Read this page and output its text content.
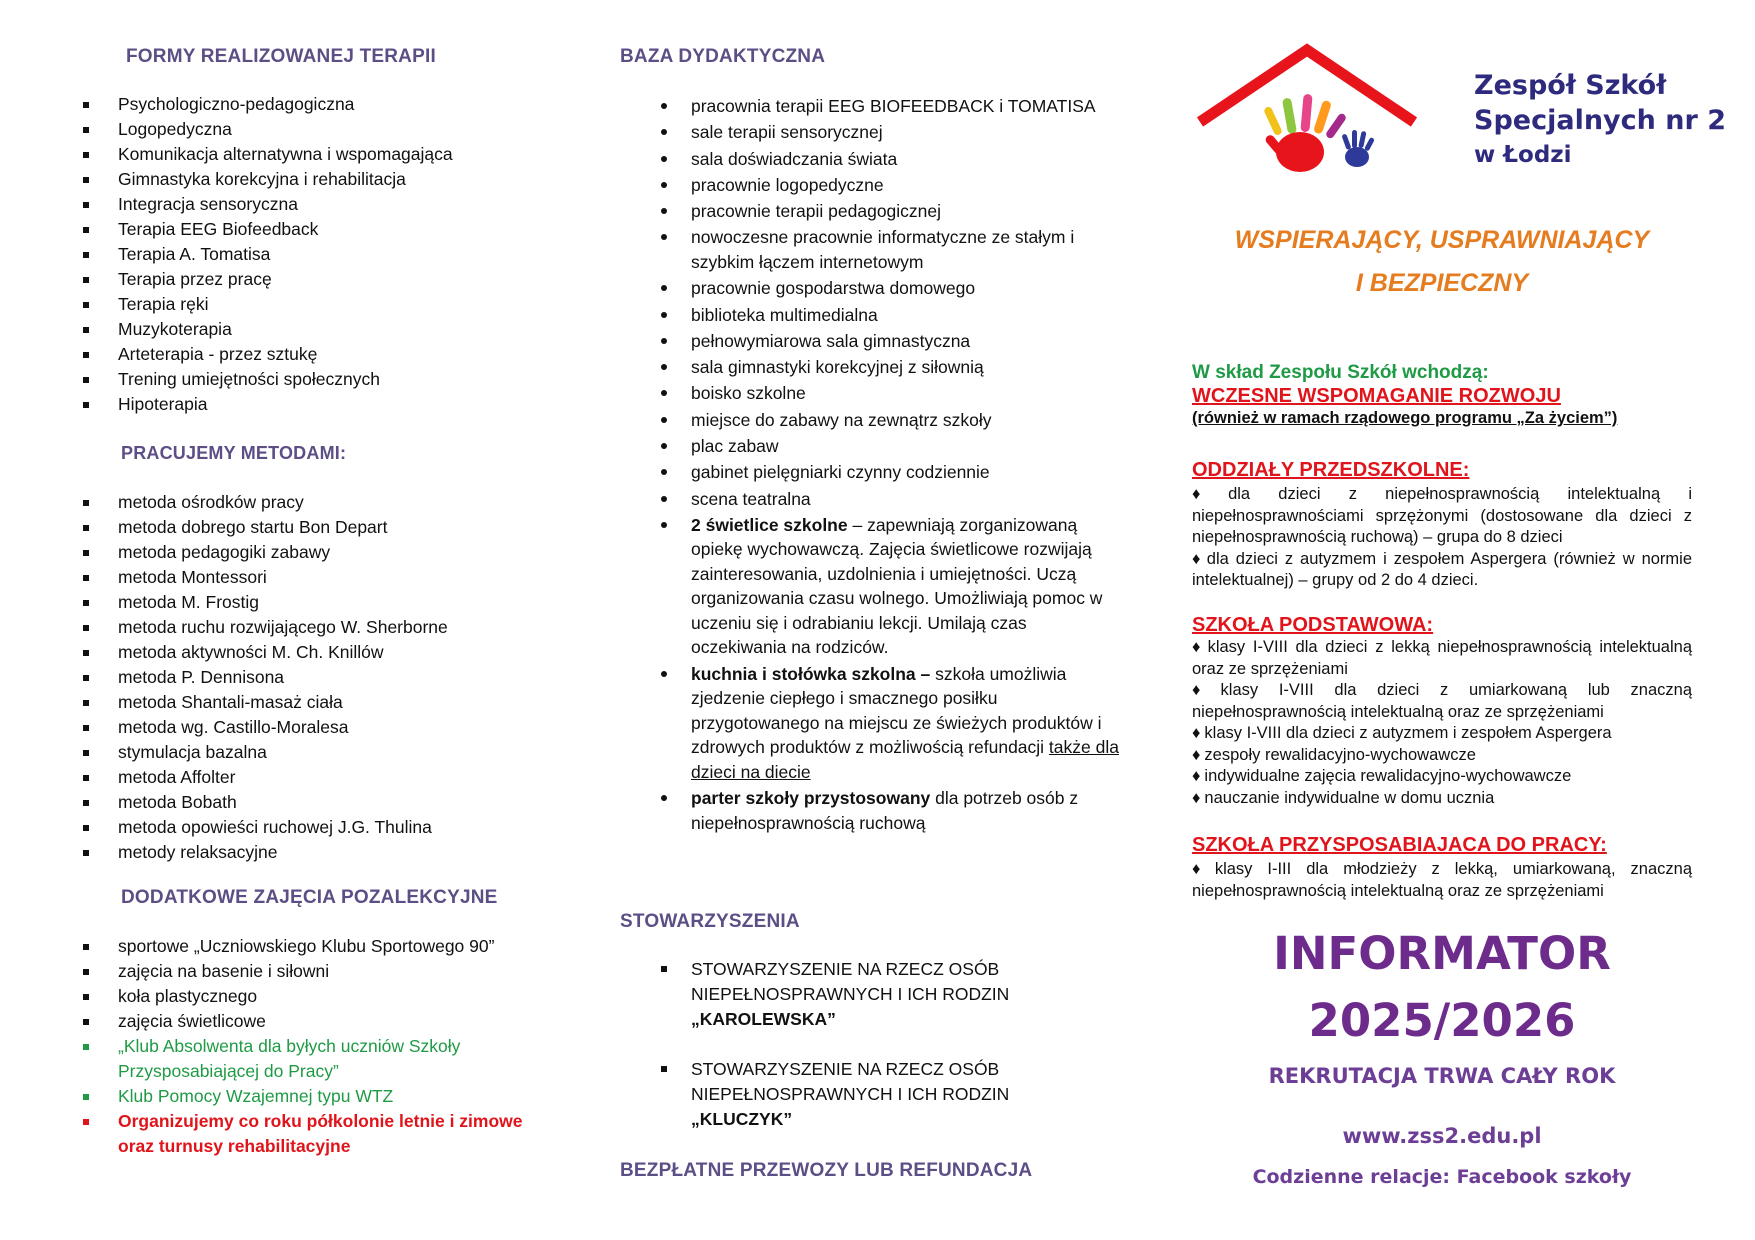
FORMY REALIZOWANEJ TERAPII
Psychologiczno-pedagogiczna
Logopedyczna
Komunikacja alternatywna i wspomagająca
Gimnastyka korekcyjna i rehabilitacja
Integracja sensoryczna
Terapia EEG Biofeedback
Terapia A. Tomatisa
Terapia przez pracę
Terapia ręki
Muzykoterapia
Arteterapia - przez sztukę
Trening umiejętności społecznych
Hipoterapia
PRACUJEMY METODAMI:
metoda ośrodków pracy
metoda dobrego startu Bon Depart
metoda pedagogiki zabawy
metoda Montessori
metoda M. Frostig
metoda ruchu rozwijającego W. Sherborne
metoda aktywności M. Ch. Knillów
metoda P. Dennisona
metoda Shantali-masaż ciała
metoda wg. Castillo-Moralesa
stymulacja bazalna
metoda Affolter
metoda Bobath
metoda opowieści ruchowej J.G. Thulina
metody relaksacyjne
DODATKOWE ZAJĘCIA POZALEKCYJNE
sportowe „Uczniowskiego Klubu Sportowego 90”
zajęcia na basenie i siłowni
koła plastycznego
zajęcia świetlicowe
„Klub Absolwenta dla byłych uczniów Szkoły Przysposabiającej do Pracy”
Klub Pomocy Wzajemnej typu WTZ
Organizujemy co roku półkolonie letnie i zimowe oraz turnusy rehabilitacyjne
BAZA DYDAKTYCZNA
pracownia terapii EEG BIOFEEDBACK i TOMATISA
sale terapii sensorycznej
sala doświadczania świata
pracownie logopedyczne
pracownie terapii pedagogicznej
nowoczesne pracownie informatyczne ze stałym i szybkim łączem internetowym
pracownie gospodarstwa domowego
biblioteka multimedialna
pełnowymiarowa sala gimnastyczna
sala gimnastyki korekcyjnej z siłownią
boisko szkolne
miejsce do zabawy na zewnątrz szkoły
plac zabaw
gabinet pielęgniarki czynny codziennie
scena teatralna
2 świetlice szkolne – zapewniają zorganizowaną opiekę wychowawczą. Zajęcia świetlicowe rozwijają zainteresowania, uzdolnienia i umiejętności. Uczą organizowania czasu wolnego. Umożliwiają pomoc w uczeniu się i odrabianiu lekcji. Umilają czas oczekiwania na rodziców.
kuchnia i stołówka szkolna – szkoła umożliwia zjedzenie ciepłego i smacznego posiłku przygotowanego na miejscu ze świeżych produktów i zdrowych produktów z możliwością refundacji także dla dzieci na diecie
parter szkoły przystosowany dla potrzeb osób z niepełnosprawnością ruchową
STOWARZYSZENIA
STOWARZYSZENIE NA RZECZ OSÓB NIEPEŁNOSPRAWNYCH I ICH RODZIN
„KAROLEWSKA”
STOWARZYSZENIE NA RZECZ OSÓB NIEPEŁNOSPRAWNYCH I ICH RODZIN
„KLUCZYK”
BEZPŁATNE PRZEWOZY LUB REFUNDACJA
Zespół Szkół
Specjalnych nr 2
w Łodzi
WSPIERAJĄCY, USPRAWNIAJĄCY
I BEZPIECZNY
W skład Zespołu Szkół wchodzą:
WCZESNE WSPOMAGANIE ROZWOJU
(również w ramach rządowego programu „Za życiem”)
ODDZIAŁY PRZEDSZKOLNE:
♦ dla dzieci z niepełnosprawnością intelektualną i niepełnosprawnościami sprzężonymi (dostosowane dla dzieci z niepełnosprawnością ruchową) – grupa do 8 dzieci
♦ dla dzieci z autyzmem i zespołem Aspergera (również w normie intelektualnej) – grupy od 2 do 4 dzieci.
SZKOŁA PODSTAWOWA:
♦ klasy I-VIII dla dzieci z lekką niepełnosprawnością intelektualną oraz ze sprzężeniami
♦ klasy I-VIII dla dzieci z umiarkowaną lub znaczną niepełnosprawnością intelektualną oraz ze sprzężeniami
♦ klasy I-VIII dla dzieci z autyzmem i zespołem Aspergera
♦ zespoły rewalidacyjno-wychowawcze
♦ indywidualne zajęcia rewalidacyjno-wychowawcze
♦ nauczanie indywidualne w domu ucznia
SZKOŁA PRZYSPOSABIAJACA DO PRACY:
♦ klasy I-III dla młodzieży z lekką, umiarkowaną, znaczną niepełnosprawnością intelektualną oraz ze sprzężeniami
INFORMATOR
2025/2026
REKRUTACJA TRWA CAŁY ROK
www.zss2.edu.pl
Codzienne relacje: Facebook szkoły
